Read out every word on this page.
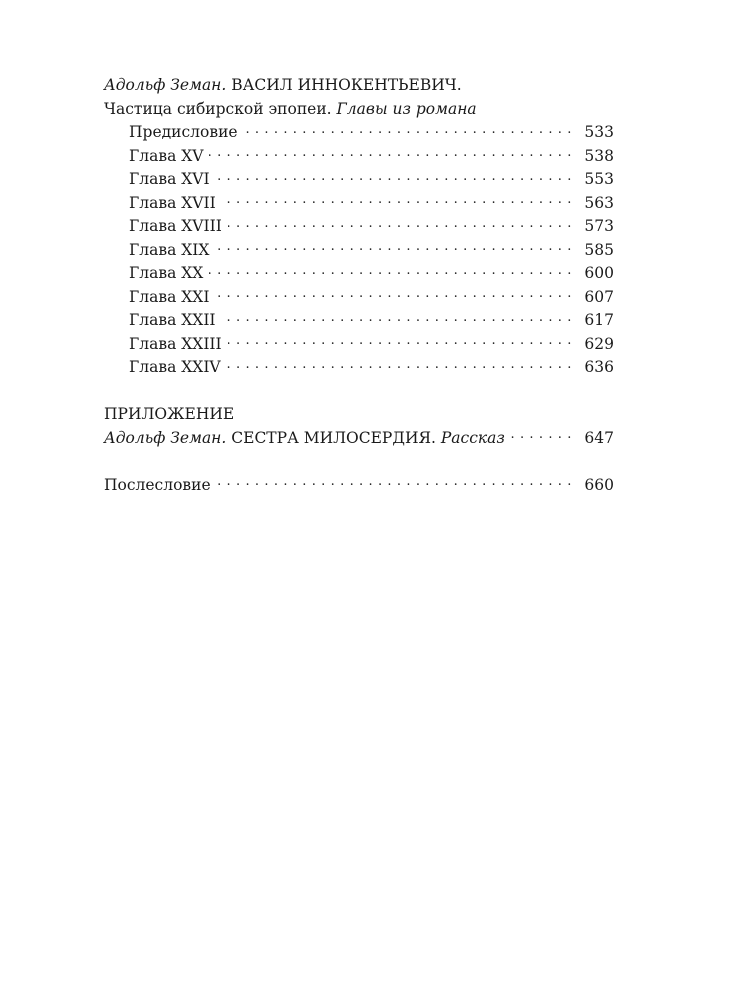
Адольф Земан. ВАСИЛ ИННОКЕНТЬЕВИЧ.
Частица сибирской эпопеи. Главы из романа
Предисловие . . .	533
Глава XV . . .	538
Глава XVI . . .	553
Глава XVII . . .	563
Глава XVIII . . .	573
Глава XIX . . .	585
Глава XX . . .	600
Глава XXI . . .	607
Глава XXII . . .	617
Глава XXIII . . .	629
Глава XXIV . . .	636
ПРИЛОЖЕНИЕ
Адольф Земан. СЕСТРА МИЛОСЕРДИЯ. Рассказ . . .	647
Послесловие . . .	660
